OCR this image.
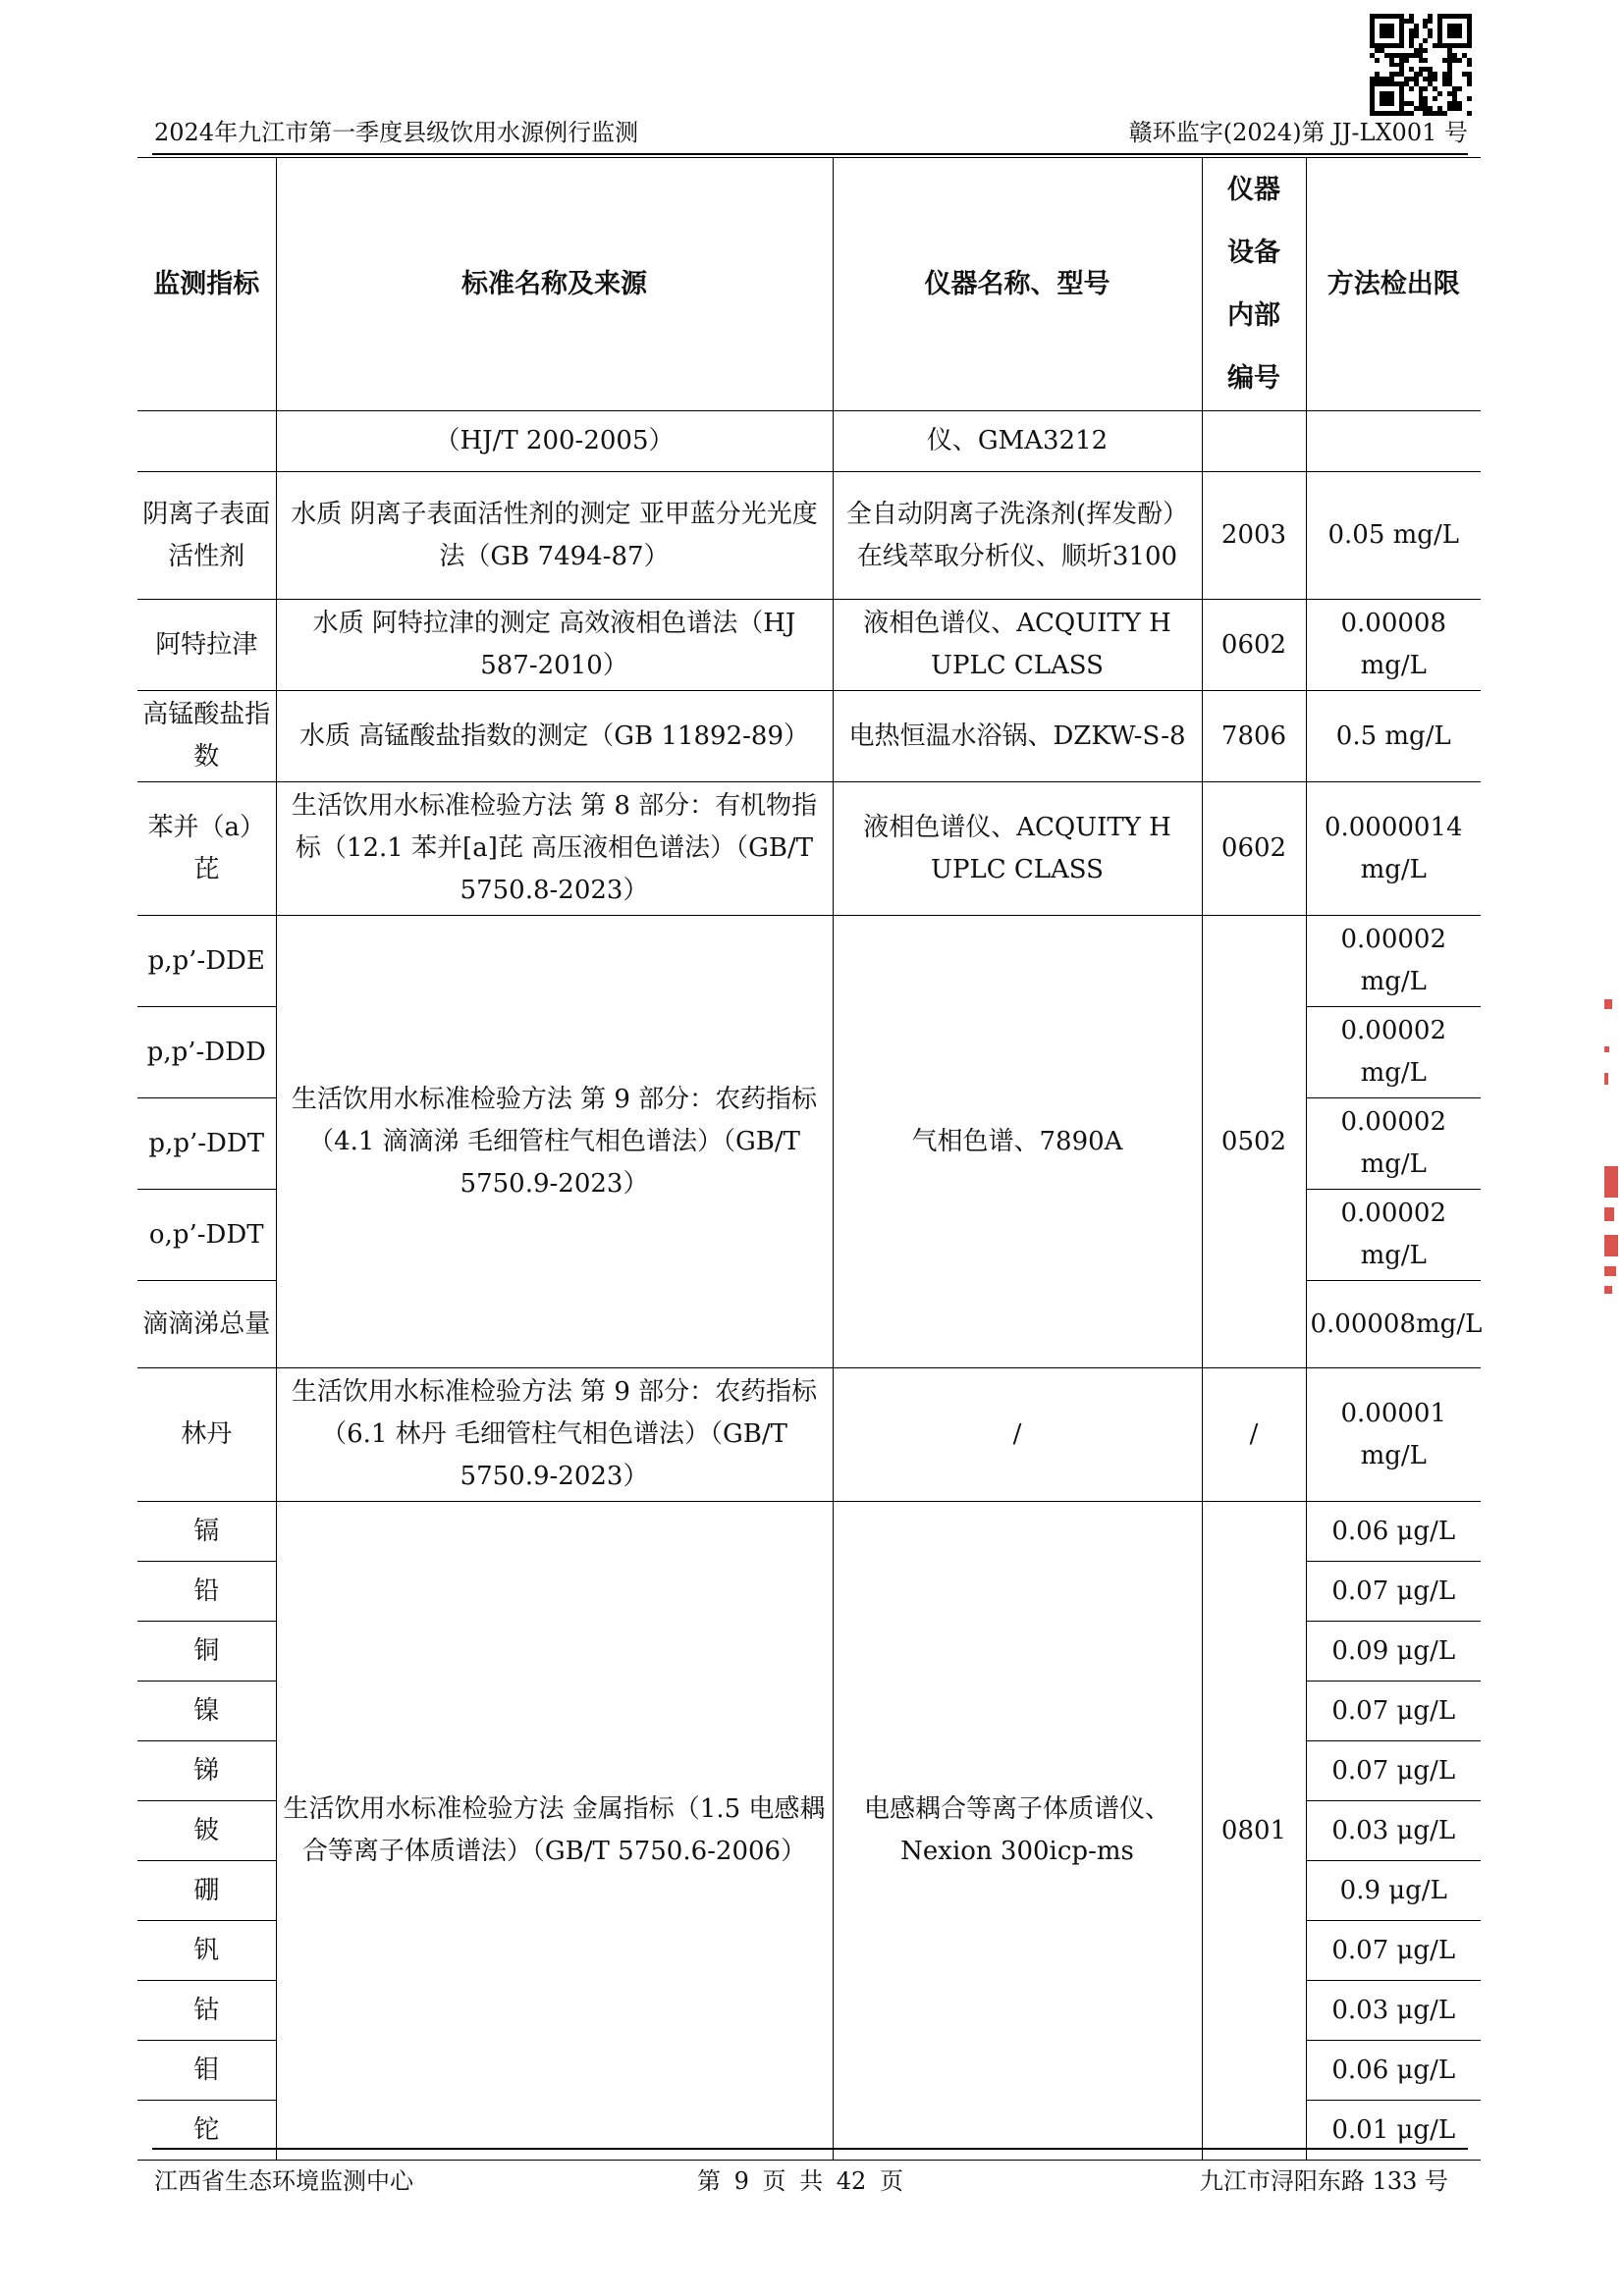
2024年九江市第一季度县级饮用水源例行监测	赣环监字(2024)第 JJ-LX001 号
监测指标	标准名称及来源	仪器名称、型号	仪器设备内部编号	方法检出限
	（HJ/T 200-2005）	仪、GMA3212		
阴离子表面活性剂	水质 阴离子表面活性剂的测定 亚甲蓝分光光度法（GB 7494-87）	全自动阴离子洗涤剂(挥发酚）在线萃取分析仪、顺圻3100	2003	0.05 mg/L
阿特拉津	水质 阿特拉津的测定 高效液相色谱法（HJ 587-2010）	液相色谱仪、ACQUITY H UPLC CLASS	0602	0.00008 mg/L
高锰酸盐指数	水质 高锰酸盐指数的测定（GB 11892-89）	电热恒温水浴锅、DZKW-S-8	7806	0.5 mg/L
苯并（a）芘	生活饮用水标准检验方法 第 8 部分：有机物指标（12.1 苯并[a]芘 高压液相色谱法）（GB/T 5750.8-2023）	液相色谱仪、ACQUITY H UPLC CLASS	0602	0.0000014 mg/L
p,p’-DDE	生活饮用水标准检验方法 第 9 部分：农药指标 （4.1 滴滴涕 毛细管柱气相色谱法）（GB/T 5750.9-2023）	气相色谱、7890A	0502	0.00002 mg/L
p,p’-DDD				0.00002 mg/L
p,p’-DDT				0.00002 mg/L
o,p’-DDT				0.00002 mg/L
滴滴涕总量				0.00008mg/L
林丹	生活饮用水标准检验方法 第 9 部分：农药指标 （6.1 林丹 毛细管柱气相色谱法）（GB/T 5750.9-2023）	/	/	0.00001 mg/L
镉	生活饮用水标准检验方法 金属指标（1.5 电感耦合等离子体质谱法）（GB/T 5750.6-2006）	电感耦合等离子体质谱仪、Nexion 300icp-ms	0801	0.06 μg/L
铅				0.07 μg/L
铜				0.09 μg/L
镍				0.07 μg/L
锑				0.07 μg/L
铍				0.03 μg/L
硼				0.9 μg/L
钒				0.07 μg/L
钴				0.03 μg/L
钼				0.06 μg/L
铊				0.01 μg/L
江西省生态环境监测中心	第 9 页 共 42 页	九江市浔阳东路 133 号
